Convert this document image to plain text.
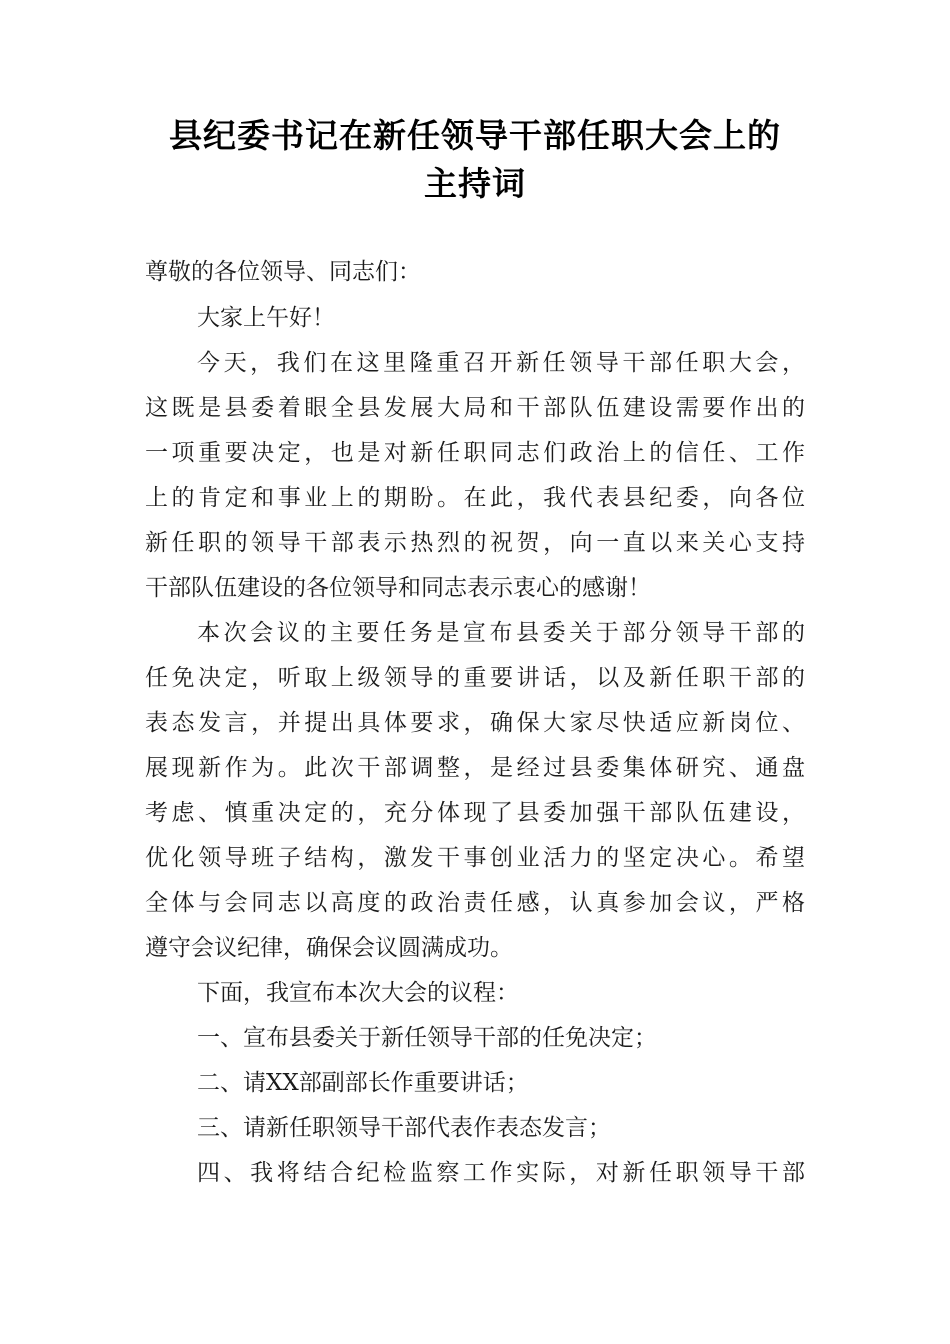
县纪委书记在新任领导干部任职大会上的
主持词
尊敬的各位领导、同志们：
大家上午好！
今天，我们在这里隆重召开新任领导干部任职大会，
这既是县委着眼全县发展大局和干部队伍建设需要作出的
一项重要决定，也是对新任职同志们政治上的信任、工作
上的肯定和事业上的期盼。在此，我代表县纪委，向各位
新任职的领导干部表示热烈的祝贺，向一直以来关心支持
干部队伍建设的各位领导和同志表示衷心的感谢！
本次会议的主要任务是宣布县委关于部分领导干部的
任免决定，听取上级领导的重要讲话，以及新任职干部的
表态发言，并提出具体要求，确保大家尽快适应新岗位、
展现新作为。此次干部调整，是经过县委集体研究、通盘
考虑、慎重决定的，充分体现了县委加强干部队伍建设，
优化领导班子结构，激发干事创业活力的坚定决心。希望
全体与会同志以高度的政治责任感，认真参加会议，严格
遵守会议纪律，确保会议圆满成功。
下面，我宣布本次大会的议程：
一、宣布县委关于新任领导干部的任免决定；
二、请XX部副部长作重要讲话；
三、请新任职领导干部代表作表态发言；
四、我将结合纪检监察工作实际，对新任职领导干部
